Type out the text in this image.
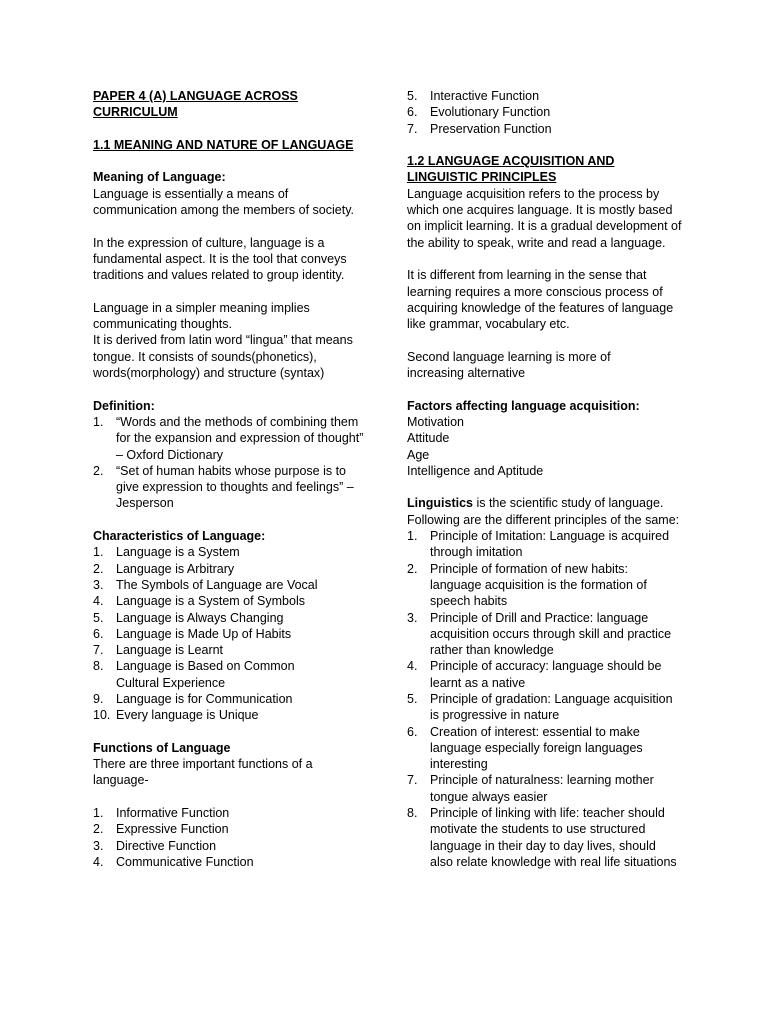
PAPER 4 (A) LANGUAGE ACROSS CURRICULUM

1.1 MEANING AND NATURE OF LANGUAGE

Meaning of Language:

Language is essentially a means of communication among the members of society.

In the expression of culture, language is a fundamental aspect. It is the tool that conveys traditions and values related to group identity.

Language in a simpler meaning implies communicating thoughts.

It is derived from latin word “lingua” that means tongue. It consists of sounds(phonetics), words(morphology) and structure (syntax)

Definition:

1. “Words and the methods of combining them for the expansion and expression of thought” – Oxford Dictionary
2. “Set of human habits whose purpose is to give expression to thoughts and feelings” – Jesperson

Characteristics of Language:

1. Language is a System
2. Language is Arbitrary
3. The Symbols of Language are Vocal
4. Language is a System of Symbols
5. Language is Always Changing
6. Language is Made Up of Habits
7. Language is Learnt
8. Language is Based on Common Cultural Experience
9. Language is for Communication
10. Every language is Unique

Functions of Language

There are three important functions of a language-

1. Informative Function
2. Expressive Function
3. Directive Function
4. Communicative Function
5. Interactive Function
6. Evolutionary Function
7. Preservation Function

1.2 LANGUAGE ACQUISITION AND LINGUISTIC PRINCIPLES

Language acquisition refers to the process by which one acquires language. It is mostly based on implicit learning. It is a gradual development of the ability to speak, write and read a language.

It is different from learning in the sense that learning requires a more conscious process of acquiring knowledge of the features of language like grammar, vocabulary etc.

Second language learning is more of increasing alternative

Factors affecting language acquisition:

Motivation

Attitude

Age

Intelligence and Aptitude

Linguistics is the scientific study of language. Following are the different principles of the same:

1. Principle of Imitation: Language is acquired through imitation
2. Principle of formation of new habits: language acquisition is the formation of speech habits
3. Principle of Drill and Practice: language acquisition occurs through skill and practice rather than knowledge
4. Principle of accuracy: language should be learnt as a native
5. Principle of gradation: Language acquisition is progressive in nature
6. Creation of interest: essential to make language especially foreign languages interesting
7. Principle of naturalness: learning mother tongue always easier
8. Principle of linking with life: teacher should motivate the students to use structured language in their day to day lives, should also relate knowledge with real life situations
